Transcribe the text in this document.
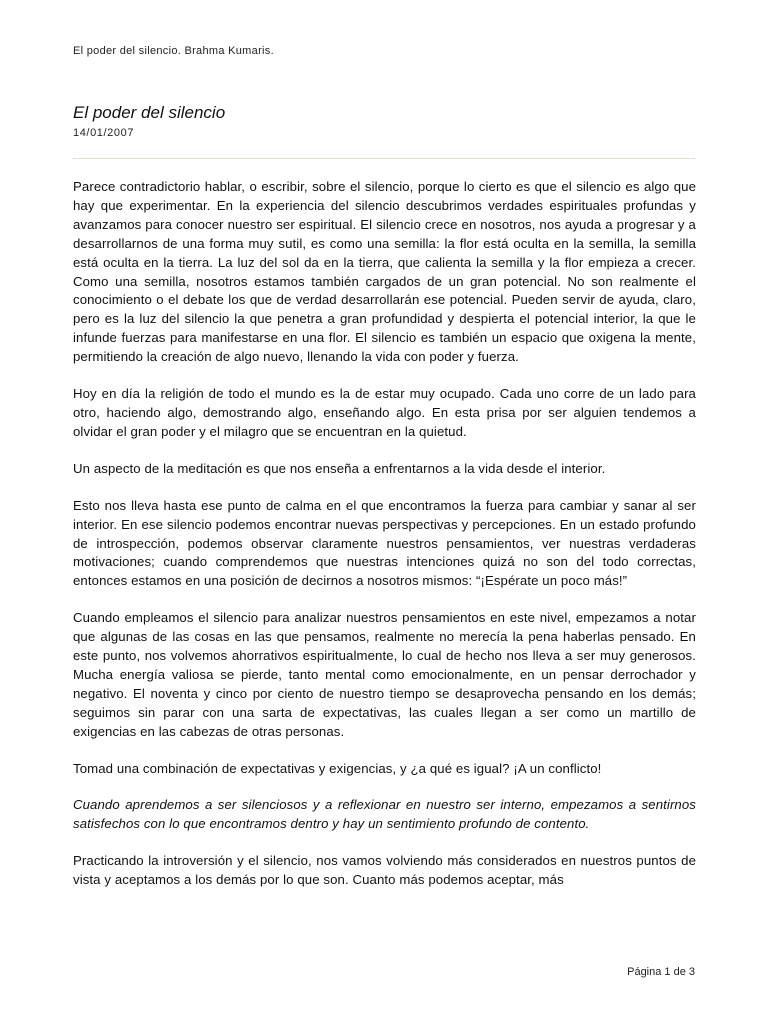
El poder del silencio. Brahma Kumaris.
El poder del silencio
14/01/2007

Parece contradictorio hablar, o escribir, sobre el silencio, porque lo cierto es que el silencio es algo que hay que experimentar. En la experiencia del silencio descubrimos verdades espirituales profundas y avanzamos para conocer nuestro ser espiritual. El silencio crece en nosotros, nos ayuda a progresar y a desarrollarnos de una forma muy sutil, es como una semilla: la flor está oculta en la semilla, la semilla está oculta en la tierra. La luz del sol da en la tierra, que calienta la semilla y la flor empieza a crecer. Como una semilla, nosotros estamos también cargados de un gran potencial. No son realmente el conocimiento o el debate los que de verdad desarrollarán ese potencial. Pueden servir de ayuda, claro, pero es la luz del silencio la que penetra a gran profundidad y despierta el potencial interior, la que le infunde fuerzas para manifestarse en una flor. El silencio es también un espacio que oxigena la mente, permitiendo la creación de algo nuevo, llenando la vida con poder y fuerza.

Hoy en día la religión de todo el mundo es la de estar muy ocupado. Cada uno corre de un lado para otro, haciendo algo, demostrando algo, enseñando algo. En esta prisa por ser alguien tendemos a olvidar el gran poder y el milagro que se encuentran en la quietud.

Un aspecto de la meditación es que nos enseña a enfrentarnos a la vida desde el interior.

Esto nos lleva hasta ese punto de calma en el que encontramos la fuerza para cambiar y sanar al ser interior. En ese silencio podemos encontrar nuevas perspectivas y percepciones. En un estado profundo de introspección, podemos observar claramente nuestros pensamientos, ver nuestras verdaderas motivaciones; cuando comprendemos que nuestras intenciones quizá no son del todo correctas, entonces estamos en una posición de decirnos a nosotros mismos: “¡Espérate un poco más!”

Cuando empleamos el silencio para analizar nuestros pensamientos en este nivel, empezamos a notar que algunas de las cosas en las que pensamos, realmente no merecía la pena haberlas pensado. En este punto, nos volvemos ahorrativos espiritualmente, lo cual de hecho nos lleva a ser muy generosos. Mucha energía valiosa se pierde, tanto mental como emocionalmente, en un pensar derrochador y negativo. El noventa y cinco por ciento de nuestro tiempo se desaprovecha pensando en los demás; seguimos sin parar con una sarta de expectativas, las cuales llegan a ser como un martillo de exigencias en las cabezas de otras personas.

Tomad una combinación de expectativas y exigencias, y ¿a qué es igual? ¡A un conflicto!

Cuando aprendemos a ser silenciosos y a reflexionar en nuestro ser interno, empezamos a sentirnos satisfechos con lo que encontramos dentro y hay un sentimiento profundo de contento.

Practicando la introversión y el silencio, nos vamos volviendo más considerados en nuestros puntos de vista y aceptamos a los demás por lo que son. Cuanto más podemos aceptar, más

Página 1 de 3
